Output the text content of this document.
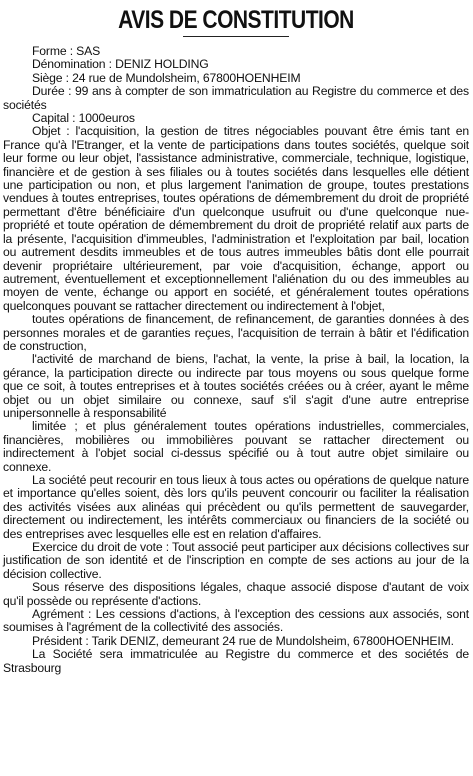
AVIS DE CONSTITUTION

Forme : SAS

Dénomination : DENIZ HOLDING

Siège : 24 rue de Mundolsheim, 67800HOENHEIM

Durée : 99 ans à compter de son immatriculation au Registre du commerce et des sociétés

Capital : 1000euros

Objet : l'acquisition, la gestion de titres négociables pouvant être émis tant en France qu'à l'Etranger, et la vente de participations dans toutes sociétés, quelque soit leur forme ou leur objet, l'assistance administrative, commerciale, technique, logistique, financière et de gestion à ses filiales ou à toutes sociétés dans lesquelles elle détient une participation ou non, et plus largement l'animation de groupe, toutes prestations vendues à toutes entreprises, toutes opérations de démembrement du droit de propriété permettant d'être bénéficiaire d'un quelconque usufruit ou d'une quelconque nue-propriété et toute opération de démembrement du droit de propriété relatif aux parts de la présente, l'acquisition d'immeubles, l'administration et l'exploitation par bail, location ou autrement desdits immeubles et de tous autres immeubles bâtis dont elle pourrait devenir propriétaire ultérieurement, par voie d'acquisition, échange, apport ou autrement, éventuellement et exceptionnellement l'aliénation du ou des immeubles au moyen de vente, échange ou apport en société, et généralement toutes opérations quelconques pouvant se rattacher directement ou indirectement à l'objet,

toutes opérations de financement, de refinancement, de garanties données à des personnes morales et de garanties reçues, l'acquisition de terrain à bâtir et l'édification de construction,

l'activité de marchand de biens, l'achat, la vente, la prise à bail, la location, la gérance, la participation directe ou indirecte par tous moyens ou sous quelque forme que ce soit, à toutes entreprises et à toutes sociétés créées ou à créer, ayant le même objet ou un objet similaire ou connexe, sauf s'il s'agit d'une autre entreprise unipersonnelle à responsabilité

limitée ; et plus généralement toutes opérations industrielles, commerciales, financières, mobilières ou immobilières pouvant se rattacher directement ou indirectement à l'objet social ci-dessus spécifié ou à tout autre objet similaire ou connexe.

La société peut recourir en tous lieux à tous actes ou opérations de quelque nature et importance qu'elles soient, dès lors qu'ils peuvent concourir ou faciliter la réalisation des activités visées aux alinéas qui précèdent ou qu'ils permettent de sauvegarder, directement ou indirectement, les intérêts commerciaux ou financiers de la société ou des entreprises avec lesquelles elle est en relation d'affaires.

Exercice du droit de vote : Tout associé peut participer aux décisions collectives sur justification de son identité et de l'inscription en compte de ses actions au jour de la décision collective.

Sous réserve des dispositions légales, chaque associé dispose d'autant de voix qu'il possède ou représente d'actions.

Agrément : Les cessions d'actions, à l'exception des cessions aux associés, sont soumises à l'agrément de la collectivité des associés.

Président : Tarik DENIZ, demeurant 24 rue de Mundolsheim, 67800HOENHEIM.

La Société sera immatriculée au Registre du commerce et des sociétés de Strasbourg
